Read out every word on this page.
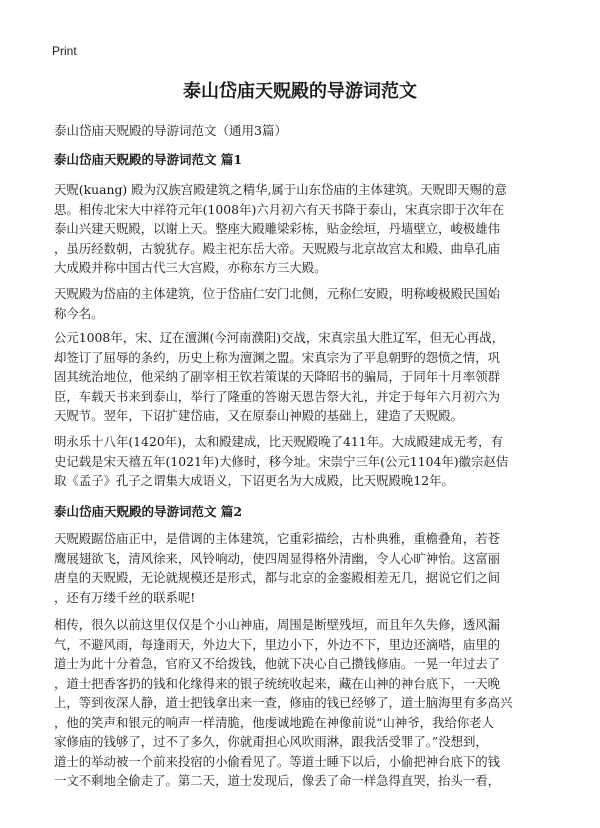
Print
泰山岱庙天贶殿的导游词范文

泰山岱庙天贶殿的导游词范文（通用3篇）

泰山岱庙天贶殿的导游词范文 篇1
天贶(kuang) 殿为汉族宫殿建筑之精华,属于山东岱庙的主体建筑。天贶即天赐的意
思。相传北宋大中祥符元年(1008年)六月初六有天书降于泰山，宋真宗即于次年在
泰山兴建天贶殿，以谢上天。整座大殿雕梁彩栋，贴金绘垣，丹墙壁立，峻极雄伟
，虽历经数朝，古貌犹存。殿主祀东岳大帝。天贶殿与北京故宫太和殿、曲阜孔庙
大成殿并称中国古代三大宫殿，亦称东方三大殿。
天贶殿为岱庙的主体建筑，位于岱庙仁安门北侧，元称仁安殿，明称峻极殿民国始
称今名。
公元1008年，宋、辽在澶渊(今河南濮阳)交战，宋真宗虽大胜辽军，但无心再战，
却签订了屈辱的条约，历史上称为澶渊之盟。宋真宗为了平息朝野的怨愤之情，巩
固其统治地位，他采纳了副宰相王钦若策谋的天降昭书的骗局，于同年十月率领群
臣，车载天书来到泰山，举行了隆重的答谢天恩告祭大礼，并定于每年六月初六为
天贶节。翌年，下诏扩建岱庙，又在原泰山神殿的基础上，建造了天贶殿。
明永乐十八年(1420年)，太和殿建成，比天贶殿晚了411年。大成殿建成无考，有
史记载是宋天禧五年(1021年)大修时，移今址。宋崇宁三年(公元1104年)徽宗赵佶
取《孟子》孔子之谓集大成语义，下诏更名为大成殿，比天贶殿晚12年。
泰山岱庙天贶殿的导游词范文 篇2
天贶殿踞岱庙正中，是借调的主体建筑，它重彩描绘，古朴典雅，重檐叠角，若苍
鹰展翅欲飞，清风徐来，风铃响动，使四周显得格外清幽，令人心旷神怡。这富丽
唐皇的天贶殿，无论就规模还是形式，都与北京的金銮殿相差无几，据说它们之间
，还有万缕千丝的联系呢!
相传，很久以前这里仅仅是个小山神庙，周围是断壁残垣，而且年久失修，透风漏
气，不避风雨，每逢雨天，外边大下，里边小下，外边不下，里边还滴嗒，庙里的
道士为此十分着急，官府又不给拨钱，他就下决心自己攒钱修庙。一晃一年过去了
，道士把香客扔的钱和化缘得来的银子统统收起来，藏在山神的神台底下，一天晚
上，等到夜深人静，道士把钱拿出来一查，修庙的钱已经够了，道士脑海里有多高兴
，他的笑声和银元的响声一样清脆，他虔诚地跪在神像前说“山神爷，我给你老人
家修庙的钱够了，过不了多久，你就甭担心风吹雨淋，跟我活受罪了。”没想到，
道士的举动被一个前来投宿的小偷看见了。等道士睡下以后，小偷把神台底下的钱
一文不剩地全偷走了。第二天，道士发现后，像丢了命一样急得直哭，抬头一看，
